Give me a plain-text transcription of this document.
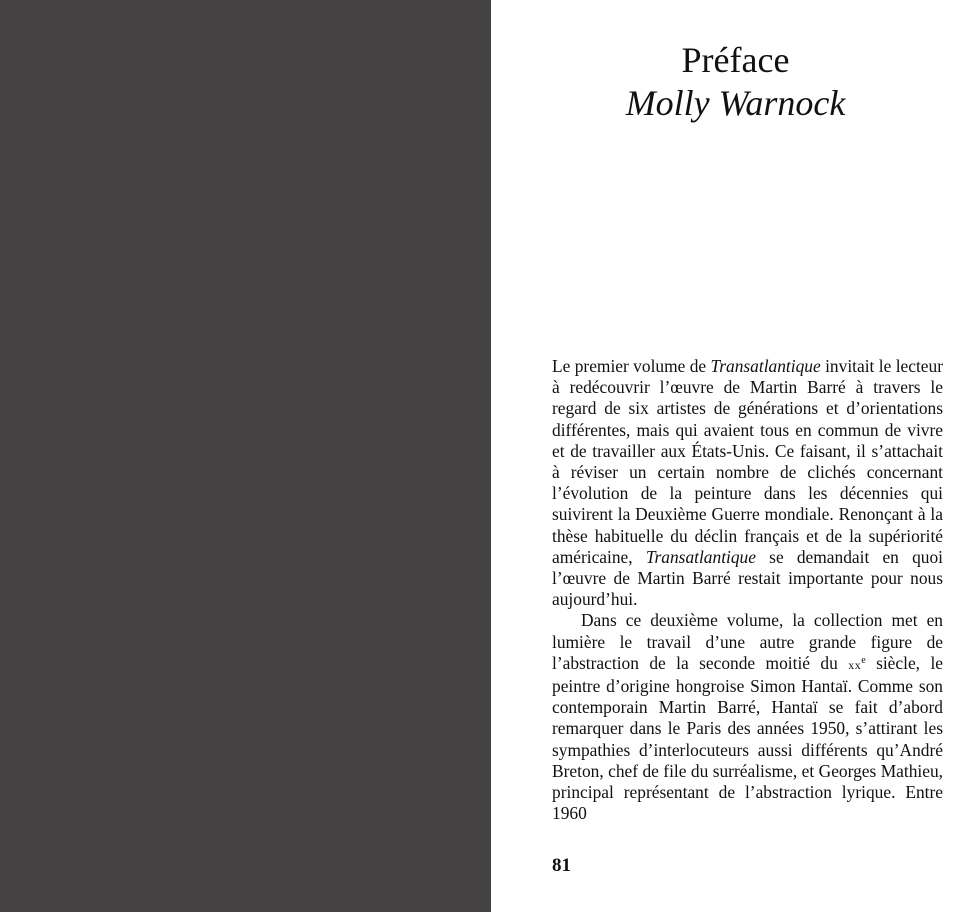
Préface
Molly Warnock

Le premier volume de Transatlantique invitait le lecteur à redécouvrir l’œuvre de Martin Barré à travers le regard de six artistes de générations et d’orientations différentes, mais qui avaient tous en commun de vivre et de travailler aux États-Unis. Ce faisant, il s’attachait à réviser un certain nombre de clichés concernant l’évolution de la peinture dans les décennies qui suivirent la Deuxième Guerre mondiale. Renonçant à la thèse habituelle du déclin français et de la supériorité américaine, Transatlantique se demandait en quoi l’œuvre de Martin Barré restait importante pour nous aujourd’hui.

Dans ce deuxième volume, la collection met en lumière le travail d’une autre grande figure de l’abstraction de la seconde moitié du $xx^e$ siècle, le peintre d’origine hongroise Simon Hantaï. Comme son contemporain Martin Barré, Hantaï se fait d’abord remarquer dans le Paris des années 1950, s’attirant les sympathies d’interlocuteurs aussi différents qu’André Breton, chef de file du surréalisme, et Georges Mathieu, principal représentant de l’abstraction lyrique. Entre 1960

81
